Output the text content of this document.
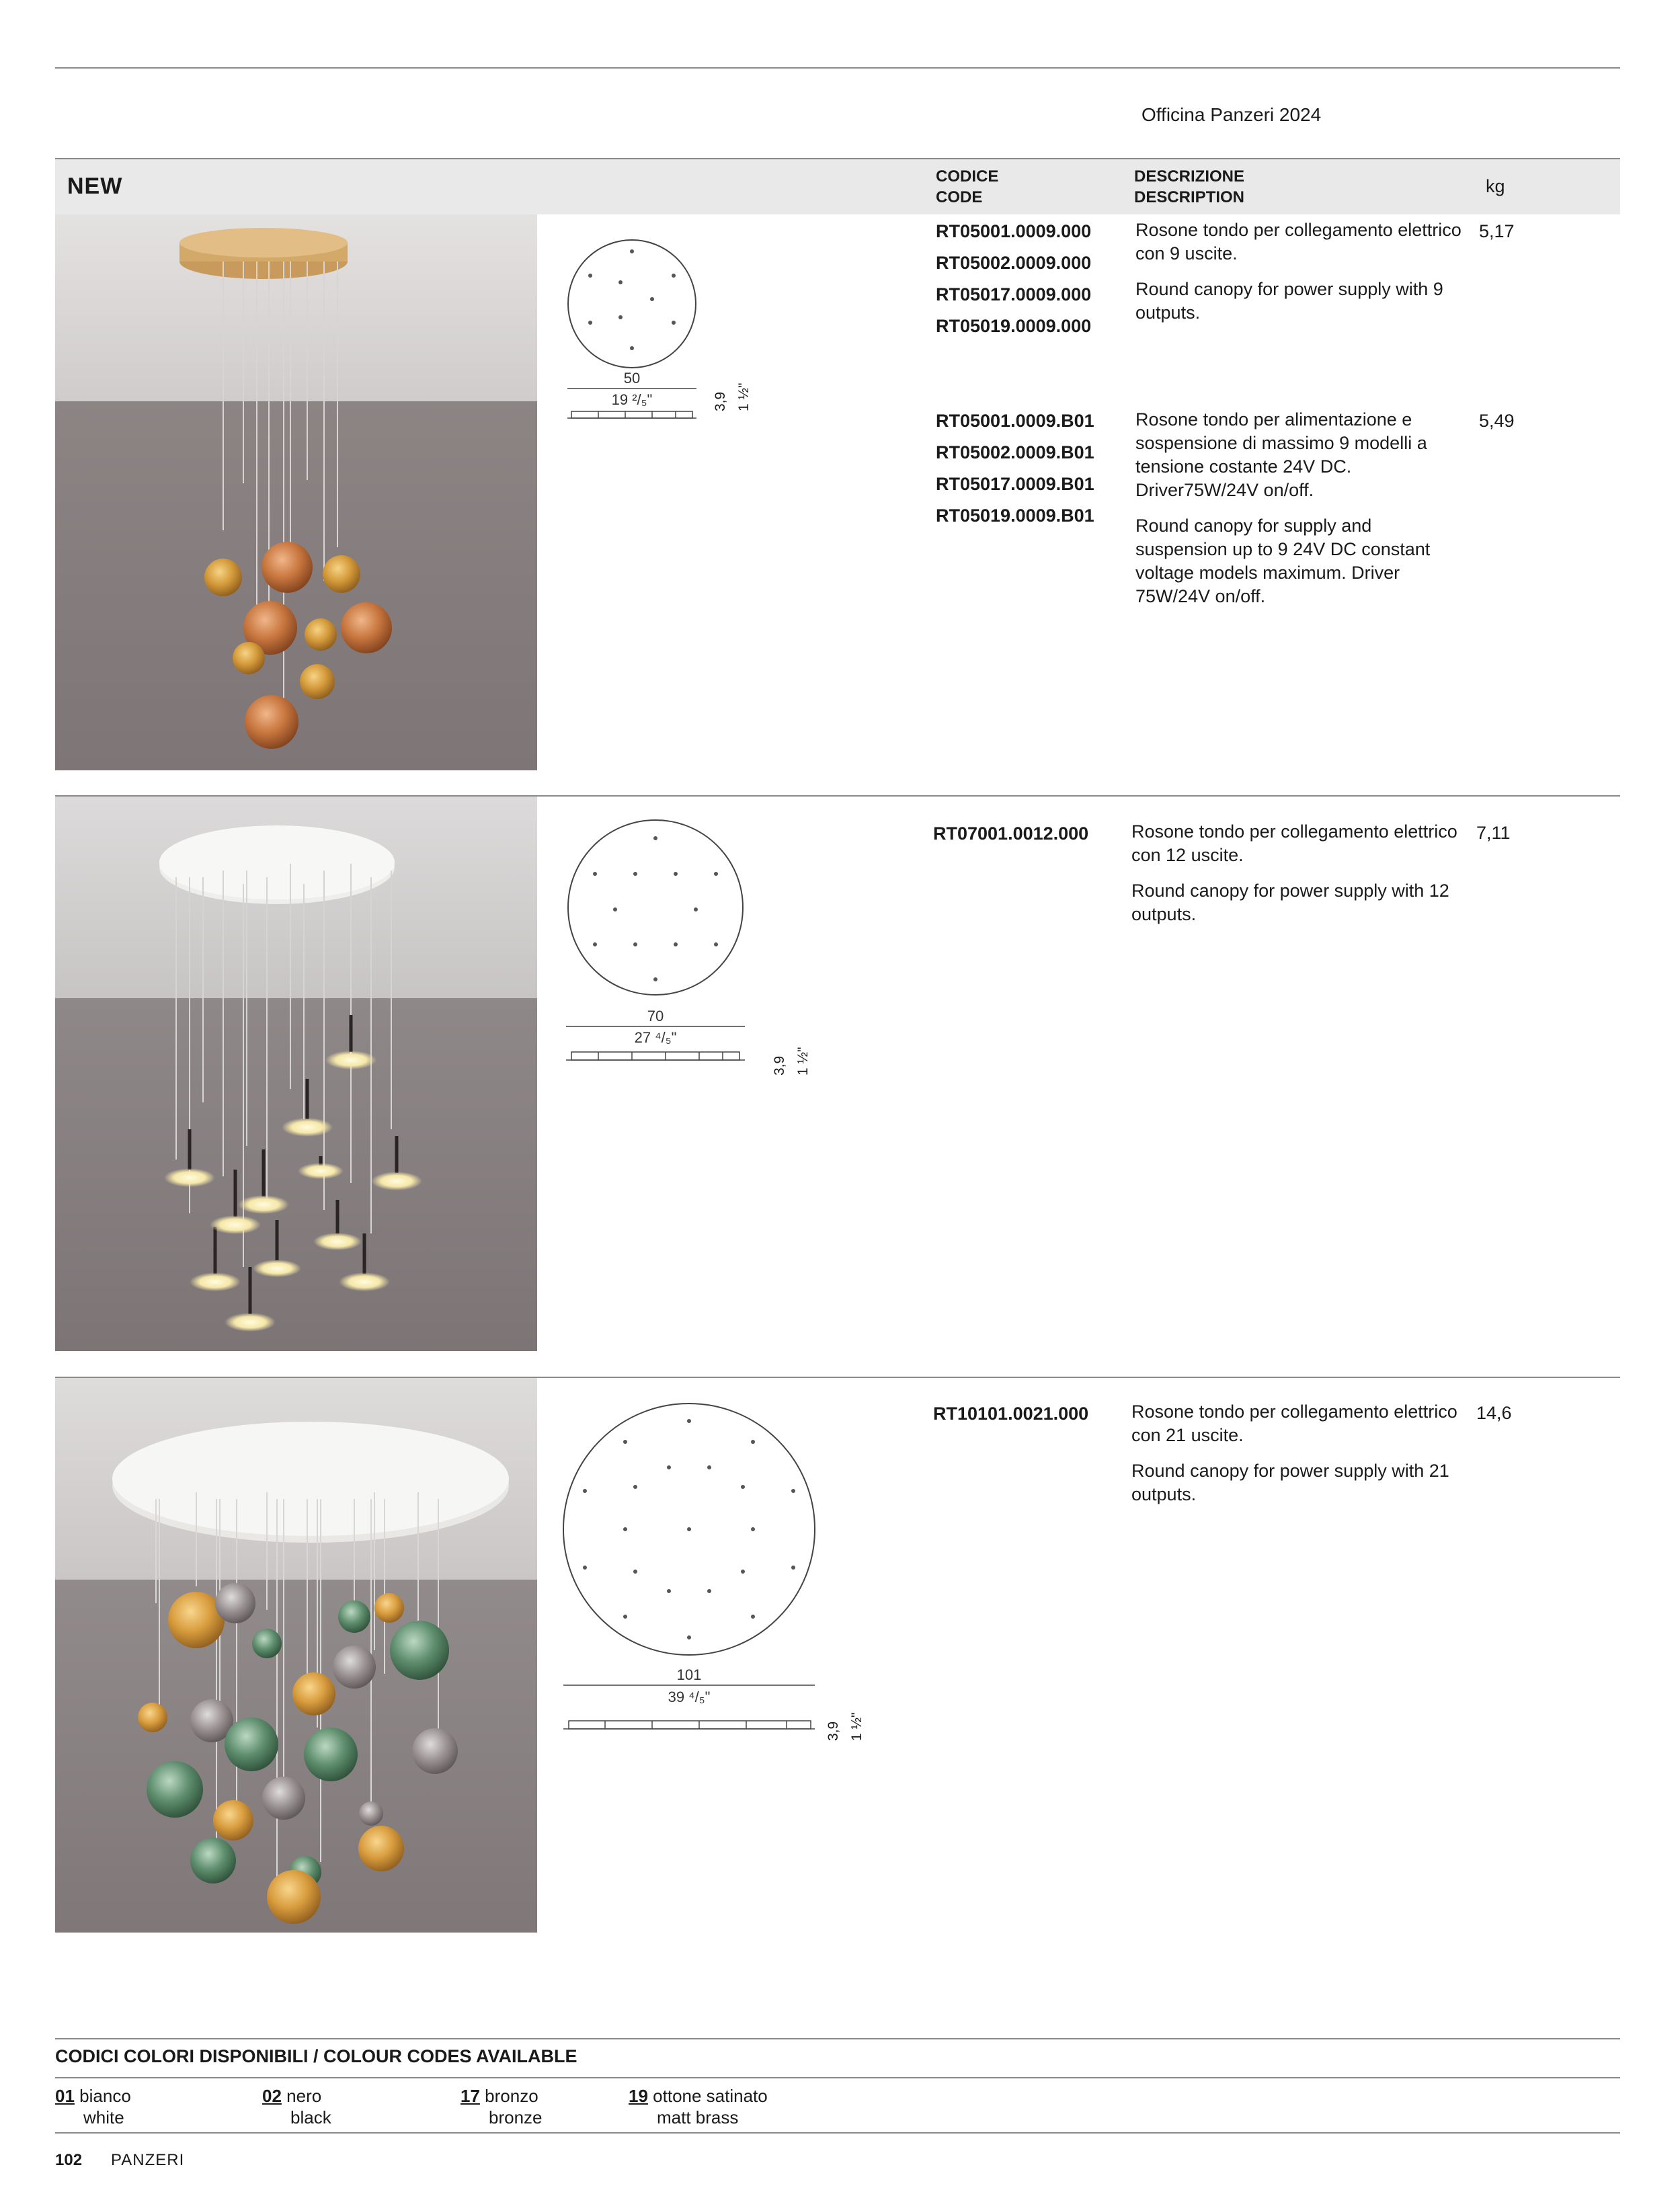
Officina Panzeri 2024
NEW	CODICE
CODE
DESCRIZIONE
DESCRIPTION
kg
50
19 ²/₅"	3,9 1 ½"
RT05001.0009.000
RT05002.0009.000
RT05017.0009.000
RT05019.0009.000

Rosone tondo per collegamento elettrico con 9 uscite.

Round canopy for power supply with 9 outputs.

5,17
RT05001.0009.B01
RT05002.0009.B01
RT05017.0009.B01
RT05019.0009.B01

Rosone tondo per alimentazione e sospensione di massimo 9 modelli a tensione costante 24V DC. Driver75W/24V on/off.

Round canopy for supply and suspension up to 9 24V DC constant voltage models maximum. Driver 75W/24V on/off.

5,49
70
27 ⁴/₅"
3,9 1 ½"
RT07001.0012.000 Rosone tondo per collegamento elettrico con 12 uscite.

Round canopy for power supply with 12 outputs.

7,11
101
39 ⁴/₅"
3,9 1 ½"
RT10101.0021.000 Rosone tondo per collegamento elettrico con 21 uscite.

Round canopy for power supply with 21 outputs.

14,6
CODICI COLORI DISPONIBILI / COLOUR CODES AVAILABLE
01 bianco
white
02 nero
black
17 bronzo
bronze
19 ottone satinato
matt brass
102 PANZERI
